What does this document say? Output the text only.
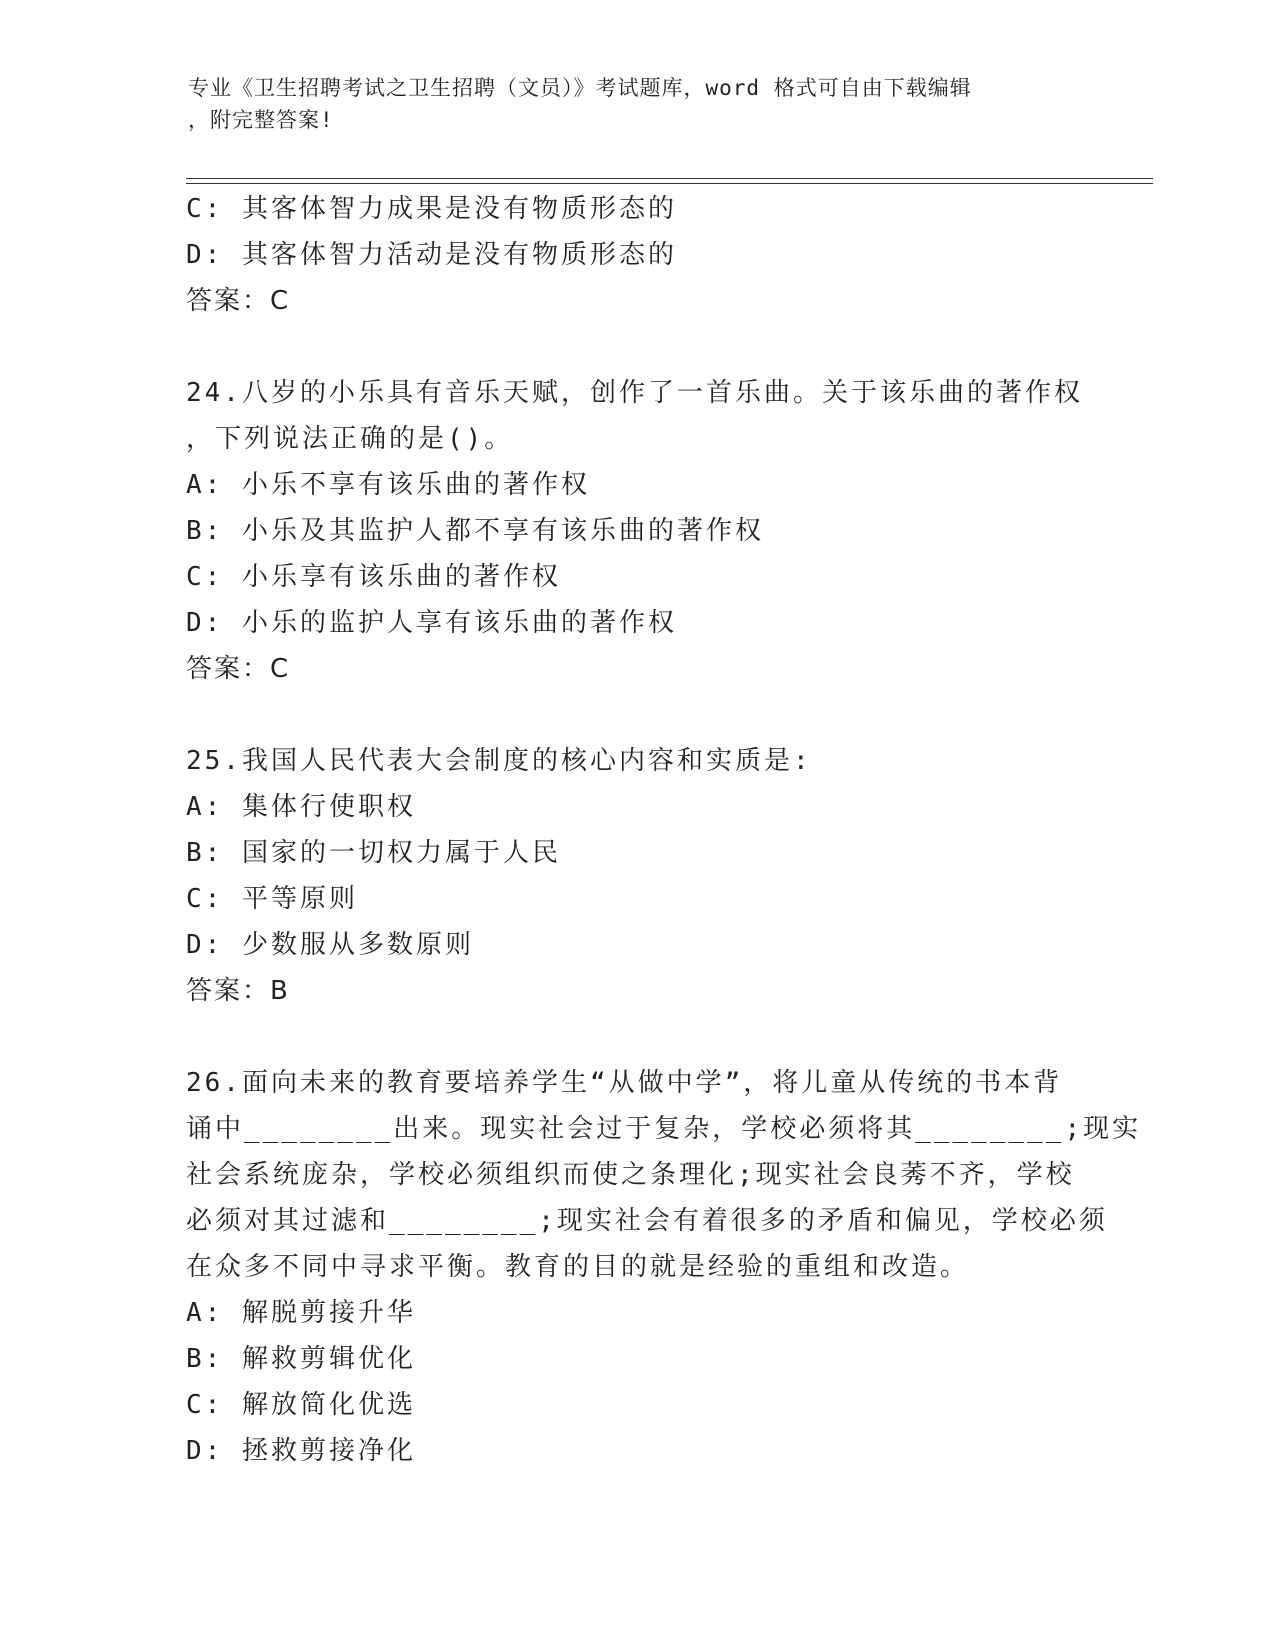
专业《卫生招聘考试之卫生招聘（文员）》考试题库，word 格式可自由下载编辑
，附完整答案!
C: 其客体智力成果是没有物质形态的
D: 其客体智力活动是没有物质形态的
答案：C
24.八岁的小乐具有音乐天赋，创作了一首乐曲。关于该乐曲的著作权
，下列说法正确的是()。
A: 小乐不享有该乐曲的著作权
B: 小乐及其监护人都不享有该乐曲的著作权
C: 小乐享有该乐曲的著作权
D: 小乐的监护人享有该乐曲的著作权
答案：C
25.我国人民代表大会制度的核心内容和实质是:
A: 集体行使职权
B: 国家的一切权力属于人民
C: 平等原则
D: 少数服从多数原则
答案：B
26.面向未来的教育要培养学生“从做中学”，将儿童从传统的书本背
诵中________出来。现实社会过于复杂，学校必须将其________;现实
社会系统庞杂，学校必须组织而使之条理化;现实社会良莠不齐，学校
必须对其过滤和________;现实社会有着很多的矛盾和偏见，学校必须
在众多不同中寻求平衡。教育的目的就是经验的重组和改造。
A: 解脱剪接升华
B: 解救剪辑优化
C: 解放简化优选
D: 拯救剪接净化
